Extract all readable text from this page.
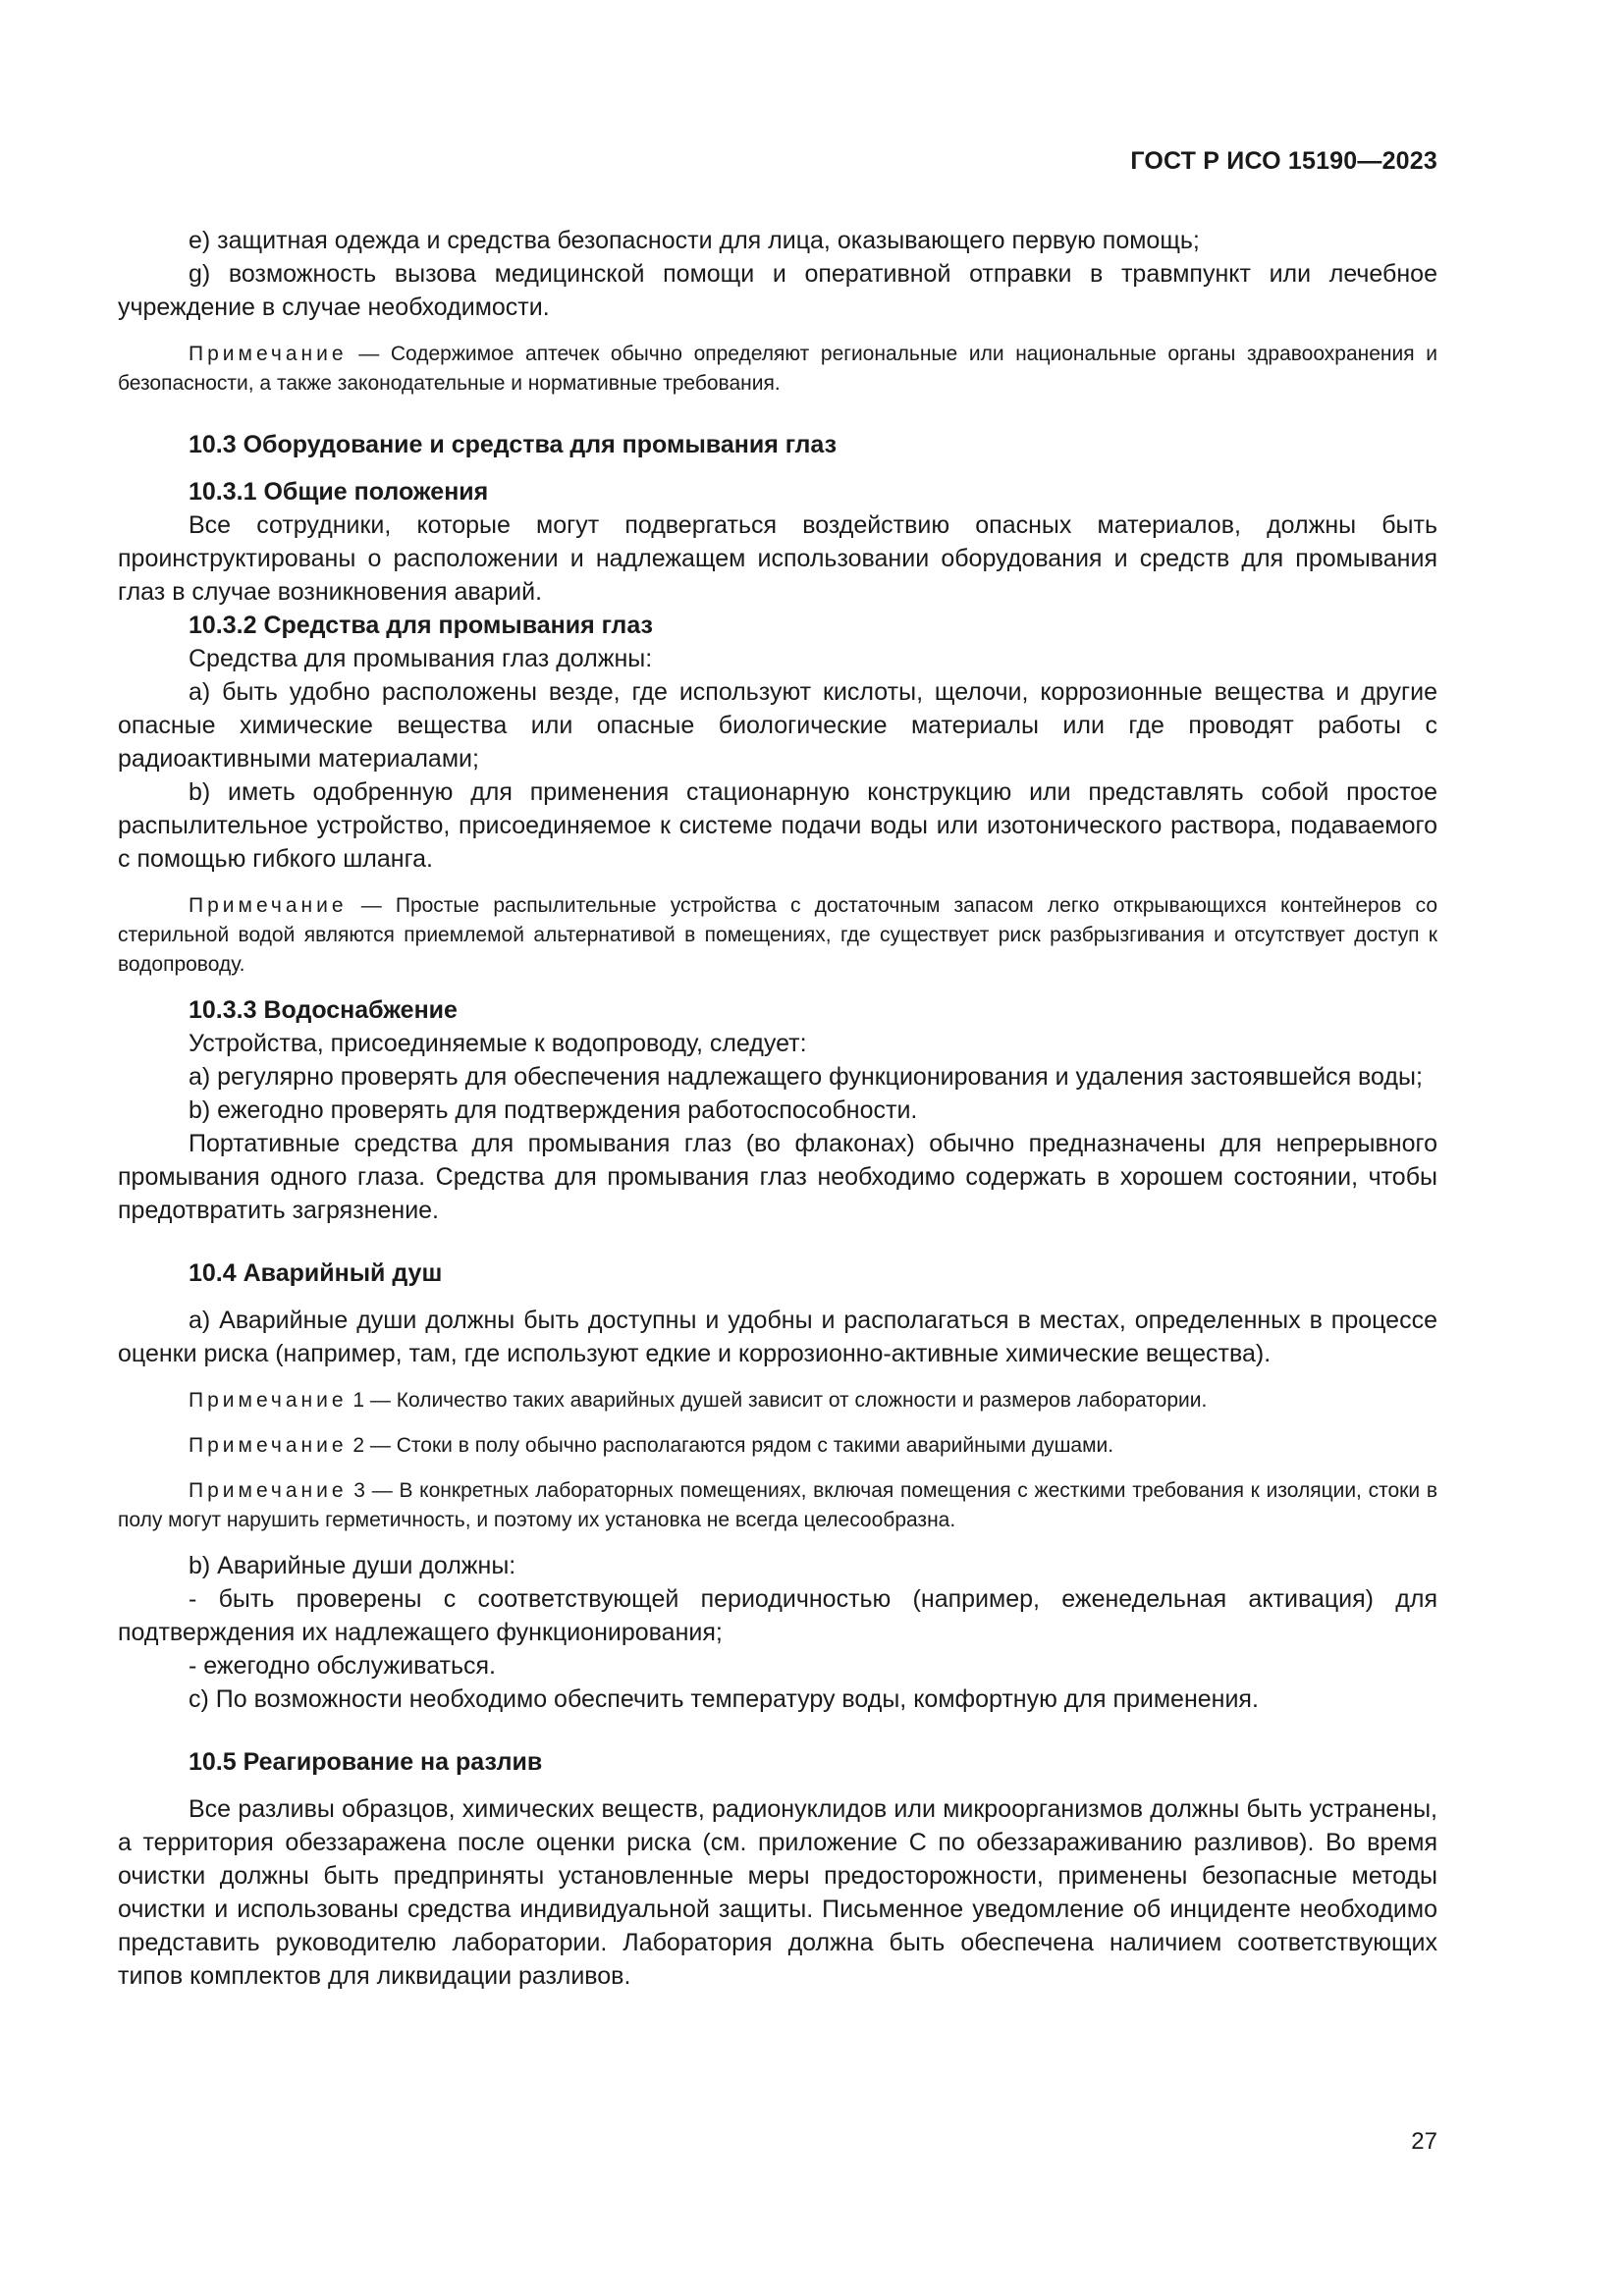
ГОСТ Р ИСО 15190—2023

е) защитная одежда и средства безопасности для лица, оказывающего первую помощь;

g) возможность вызова медицинской помощи и оперативной отправки в травмпункт или лечебное учреждение в случае необходимости.

Примечание — Содержимое аптечек обычно определяют региональные или национальные органы здравоохранения и безопасности, а также законодательные и нормативные требования.

10.3 Оборудование и средства для промывания глаз
10.3.1 Общие положения

Все сотрудники, которые могут подвергаться воздействию опасных материалов, должны быть проинструктированы о расположении и надлежащем использовании оборудования и средств для промывания глаз в случае возникновения аварий.

10.3.2 Средства для промывания глаз

Средства для промывания глаз должны:

а) быть удобно расположены везде, где используют кислоты, щелочи, коррозионные вещества и другие опасные химические вещества или опасные биологические материалы или где проводят работы с радиоактивными материалами;

b) иметь одобренную для применения стационарную конструкцию или представлять собой простое распылительное устройство, присоединяемое к системе подачи воды или изотонического раствора, подаваемого с помощью гибкого шланга.

Примечание — Простые распылительные устройства с достаточным запасом легко открывающихся контейнеров со стерильной водой являются приемлемой альтернативой в помещениях, где существует риск разбрызгивания и отсутствует доступ к водопроводу.

10.3.3 Водоснабжение

Устройства, присоединяемые к водопроводу, следует:

а) регулярно проверять для обеспечения надлежащего функционирования и удаления застоявшейся воды;

b) ежегодно проверять для подтверждения работоспособности.

Портативные средства для промывания глаз (во флаконах) обычно предназначены для непрерывного промывания одного глаза. Средства для промывания глаз необходимо содержать в хорошем состоянии, чтобы предотвратить загрязнение.

10.4 Аварийный душ

а) Аварийные души должны быть доступны и удобны и располагаться в местах, определенных в процессе оценки риска (например, там, где используют едкие и коррозионно-активные химические вещества).

Примечание 1 — Количество таких аварийных душей зависит от сложности и размеров лаборатории.

Примечание 2 — Стоки в полу обычно располагаются рядом с такими аварийными душами.

Примечание 3 — В конкретных лабораторных помещениях, включая помещения с жесткими требования к изоляции, стоки в полу могут нарушить герметичность, и поэтому их установка не всегда целесообразна.

b) Аварийные души должны:

- быть проверены с соответствующей периодичностью (например, еженедельная активация) для подтверждения их надлежащего функционирования;

- ежегодно обслуживаться.

с) По возможности необходимо обеспечить температуру воды, комфортную для применения.

10.5 Реагирование на разлив

Все разливы образцов, химических веществ, радионуклидов или микроорганизмов должны быть устранены, а территория обеззаражена после оценки риска (см. приложение С по обеззараживанию разливов). Во время очистки должны быть предприняты установленные меры предосторожности, применены безопасные методы очистки и использованы средства индивидуальной защиты. Письменное уведомление об инциденте необходимо представить руководителю лаборатории. Лаборатория должна быть обеспечена наличием соответствующих типов комплектов для ликвидации разливов.

27
